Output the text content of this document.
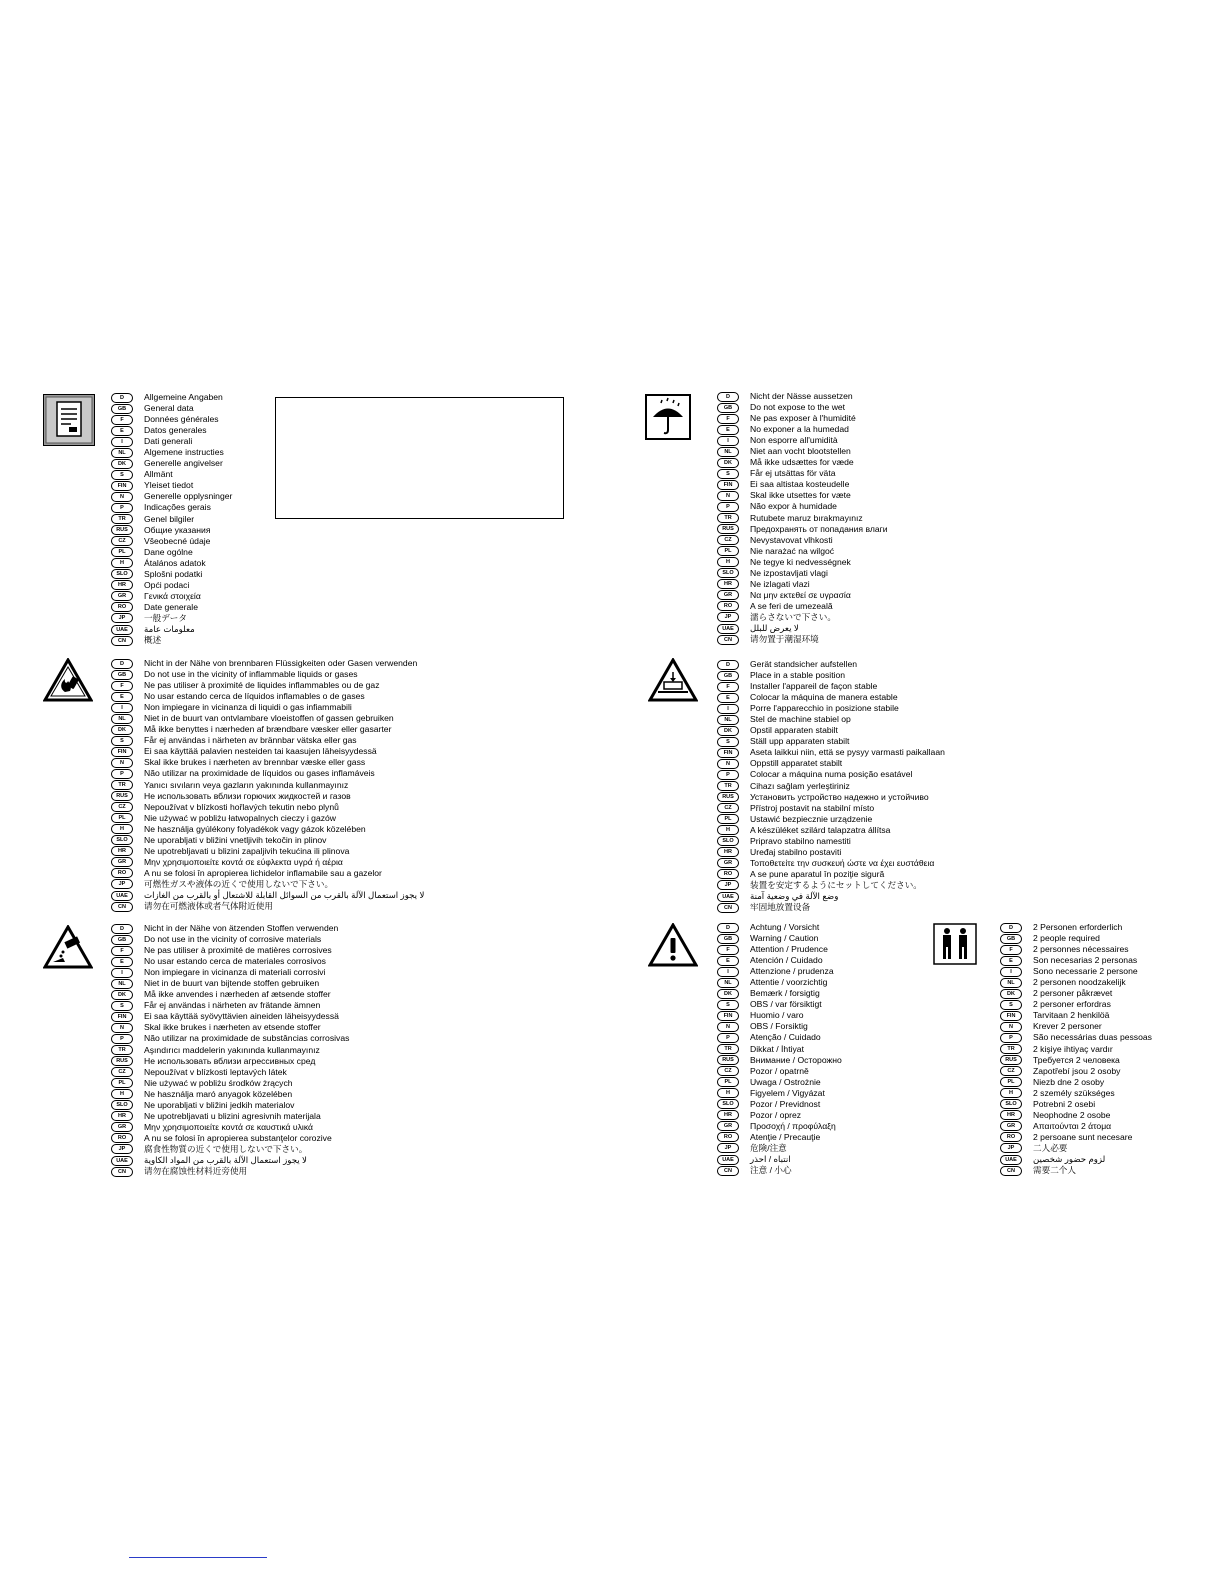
D	Allgemeine Angaben
GB	General data
F	Données générales
E	Datos generales
I	Dati generali
NL	Algemene instructies
DK	Generelle angivelser
S	Allmänt
FIN	Yleiset tiedot
N	Generelle opplysninger
P	Indicações gerais
TR	Genel bilgiler
RUS	Общие указания
CZ	Všeobecné údaje
PL	Dane ogólne
H	Átalános adatok
SLO	Splošni podatki
HR	Opći podaci
GR	Γενικά στοιχεία
RO	Date generale
JP	一般データ
UAE	معلومات عامة
CN	概述
D	Nicht in der Nähe von brennbaren Flüssigkeiten oder Gasen verwenden
GB	Do not use in the vicinity of inflammable liquids or gases
F	Ne pas utiliser à proximité de liquides inflammables ou de gaz
E	No usar estando cerca de líquidos inflamables o de gases
I	Non impiegare in vicinanza di liquidi o gas infiammabili
NL	Niet in de buurt van ontvlambare vloeistoffen of gassen gebruiken
DK	Må ikke benyttes i nærheden af brændbare væsker eller gasarter
S	Får ej användas i närheten av brännbar vätska eller gas
FIN	Ei saa käyttää palavien nesteiden tai kaasujen läheisyydessä
N	Skal ikke brukes i nærheten av brennbar væske eller gass
P	Não utilizar na proximidade de líquidos ou gases inflamáveis
TR	Yanıcı sıvıların veya gazların yakınında kullanmayınız
RUS	Не использовать вблизи горючих жидкостей и газов
CZ	Nepoužívat v blízkosti hořlavých tekutin nebo plynů
PL	Nie używać w pobliżu łatwopalnych cieczy i gazów
H	Ne használja gyúlékony folyadékok vagy gázok közelében
SLO	Ne uporabljati v bližini vnetljivih tekočin in plinov
HR	Ne upotrebljavati u blizini zapaljivih tekućina ili plinova
GR	Μην χρησιμοποιείτε κοντά σε εύφλεκτα υγρά ή αέρια
RO	A nu se folosi în apropierea lichidelor inflamabile sau a gazelor
JP	可燃性ガスや液体の近くで使用しないで下さい。
UAE	لا يجوز استعمال الآلة بالقرب من السوائل القابلة للاشتعال أو بالقرب من الغازات
CN	请勿在可燃液体或者气体附近使用
D	Nicht in der Nähe von ätzenden Stoffen verwenden
GB	Do not use in the vicinity of corrosive materials
F	Ne pas utiliser à proximité de matières corrosives
E	No usar estando cerca de materiales corrosivos
I	Non impiegare in vicinanza di materiali corrosivi
NL	Niet in de buurt van bijtende stoffen gebruiken
DK	Må ikke anvendes i nærheden af ætsende stoffer
S	Får ej användas i närheten av frätande ämnen
FIN	Ei saa käyttää syövyttävien aineiden läheisyydessä
N	Skal ikke brukes i nærheten av etsende stoffer
P	Não utilizar na proximidade de substâncias corrosivas
TR	Aşındırıcı maddelerin yakınında kullanmayınız
RUS	Не использовать вблизи агрессивных сред
CZ	Nepoužívat v blízkosti leptavých látek
PL	Nie używać w pobliżu środków żrących
H	Ne használja maró anyagok közelében
SLO	Ne uporabljati v bližini jedkih materialov
HR	Ne upotrebljavati u blizini agresivnih materijala
GR	Μην χρησιμοποιείτε κοντά σε καυστικά υλικά
RO	A nu se folosi în apropierea substanţelor corozive
JP	腐食性物質の近くで使用しないで下さい。
UAE	لا يجوز استعمال الآلة بالقرب من المواد الكاوية
CN	请勿在腐蚀性材料近旁使用
D	Nicht der Nässe aussetzen
GB	Do not expose to the wet
F	Ne pas exposer à l'humidité
E	No exponer a la humedad
I	Non esporre all'umidità
NL	Niet aan vocht blootstellen
DK	Må ikke udsættes for væde
S	Får ej utsättas för väta
FIN	Ei saa altistaa kosteudelle
N	Skal ikke utsettes for væte
P	Não expor à humidade
TR	Rutubete maruz bırakmayınız
RUS	Предохранять от попадания влаги
CZ	Nevystavovat vlhkosti
PL	Nie narażać na wilgoć
H	Ne tegye ki nedvességnek
SLO	Ne izpostavljati vlagi
HR	Ne izlagati vlazi
GR	Να μην εκτεθεί σε υγρασία
RO	A se feri de umezeală
JP	濡らさないで下さい。
UAE	لا يعرض للبلل
CN	请勿置于潮湿环境
D	Gerät standsicher aufstellen
GB	Place in a stable position
F	Installer l'appareil de façon stable
E	Colocar la máquina de manera estable
I	Porre l'apparecchio in posizione stabile
NL	Stel de machine stabiel op
DK	Opstil apparaten stabilt
S	Ställ upp apparaten stabilt
FIN	Aseta laikkui niin, että se pysyy varmasti paikallaan
N	Oppstill apparatet stabilt
P	Colocar a máquina numa posição esatável
TR	Cihazı sağlam yerleştiriniz
RUS	Установить устройство надежно и устойчиво
CZ	Přístroj postavit na stabilní místo
PL	Ustawić bezpiecznie urządzenie
H	A készüléket szilárd talapzatra állítsa
SLO	Pripravo stabilno namestiti
HR	Uređaj stabilno postaviti
GR	Τοποθετείτε την συσκευή ώστε να έχει ευστάθεια
RO	A se pune aparatul în poziţie sigură
JP	装置を安定するようにセットしてください。
UAE	وضع الآلة في وضعية آمنة
CN	牢固地放置设备
D	Achtung / Vorsicht
GB	Warning / Caution
F	Attention / Prudence
E	Atención / Cuidado
I	Attenzione / prudenza
NL	Attentie / voorzichtig
DK	Bemærk / forsigtig
S	OBS / var försiktigt
FIN	Huomio / varo
N	OBS / Forsiktig
P	Atenção / Cuidado
TR	Dikkat / İhtiyat
RUS	Внимание / Осторожно
CZ	Pozor / opatrně
PL	Uwaga / Ostrożnie
H	Figyelem / Vigyázat
SLO	Pozor / Previdnost
HR	Pozor / oprez
GR	Προσοχή / προφύλαξη
RO	Atenţie / Precauţie
JP	危険/注意
UAE	انتباه / احذر
CN	注意 / 小心
D	2 Personen erforderlich
GB	2 people required
F	2 personnes nécessaires
E	Son necesarias 2 personas
I	Sono necessarie 2 persone
NL	2 personen noodzakelijk
DK	2 personer påkrævet
S	2 personer erfordras
FIN	Tarvitaan 2 henkilöä
N	Krever 2 personer
P	São necessárias duas pessoas
TR	2 kişiye ihtiyaç vardır
RUS	Требуется 2 человека
CZ	Zapotřebí jsou 2 osoby
PL	Niezb dne 2 osoby
H	2 személy szükséges
SLO	Potrebni 2 osebi
HR	Neophodne 2 osobe
GR	Απαιτούνται 2 άτομα
RO	2 persoane sunt necesare
JP	二人必要
UAE	لزوم حضور شخصين
CN	需要二个人
